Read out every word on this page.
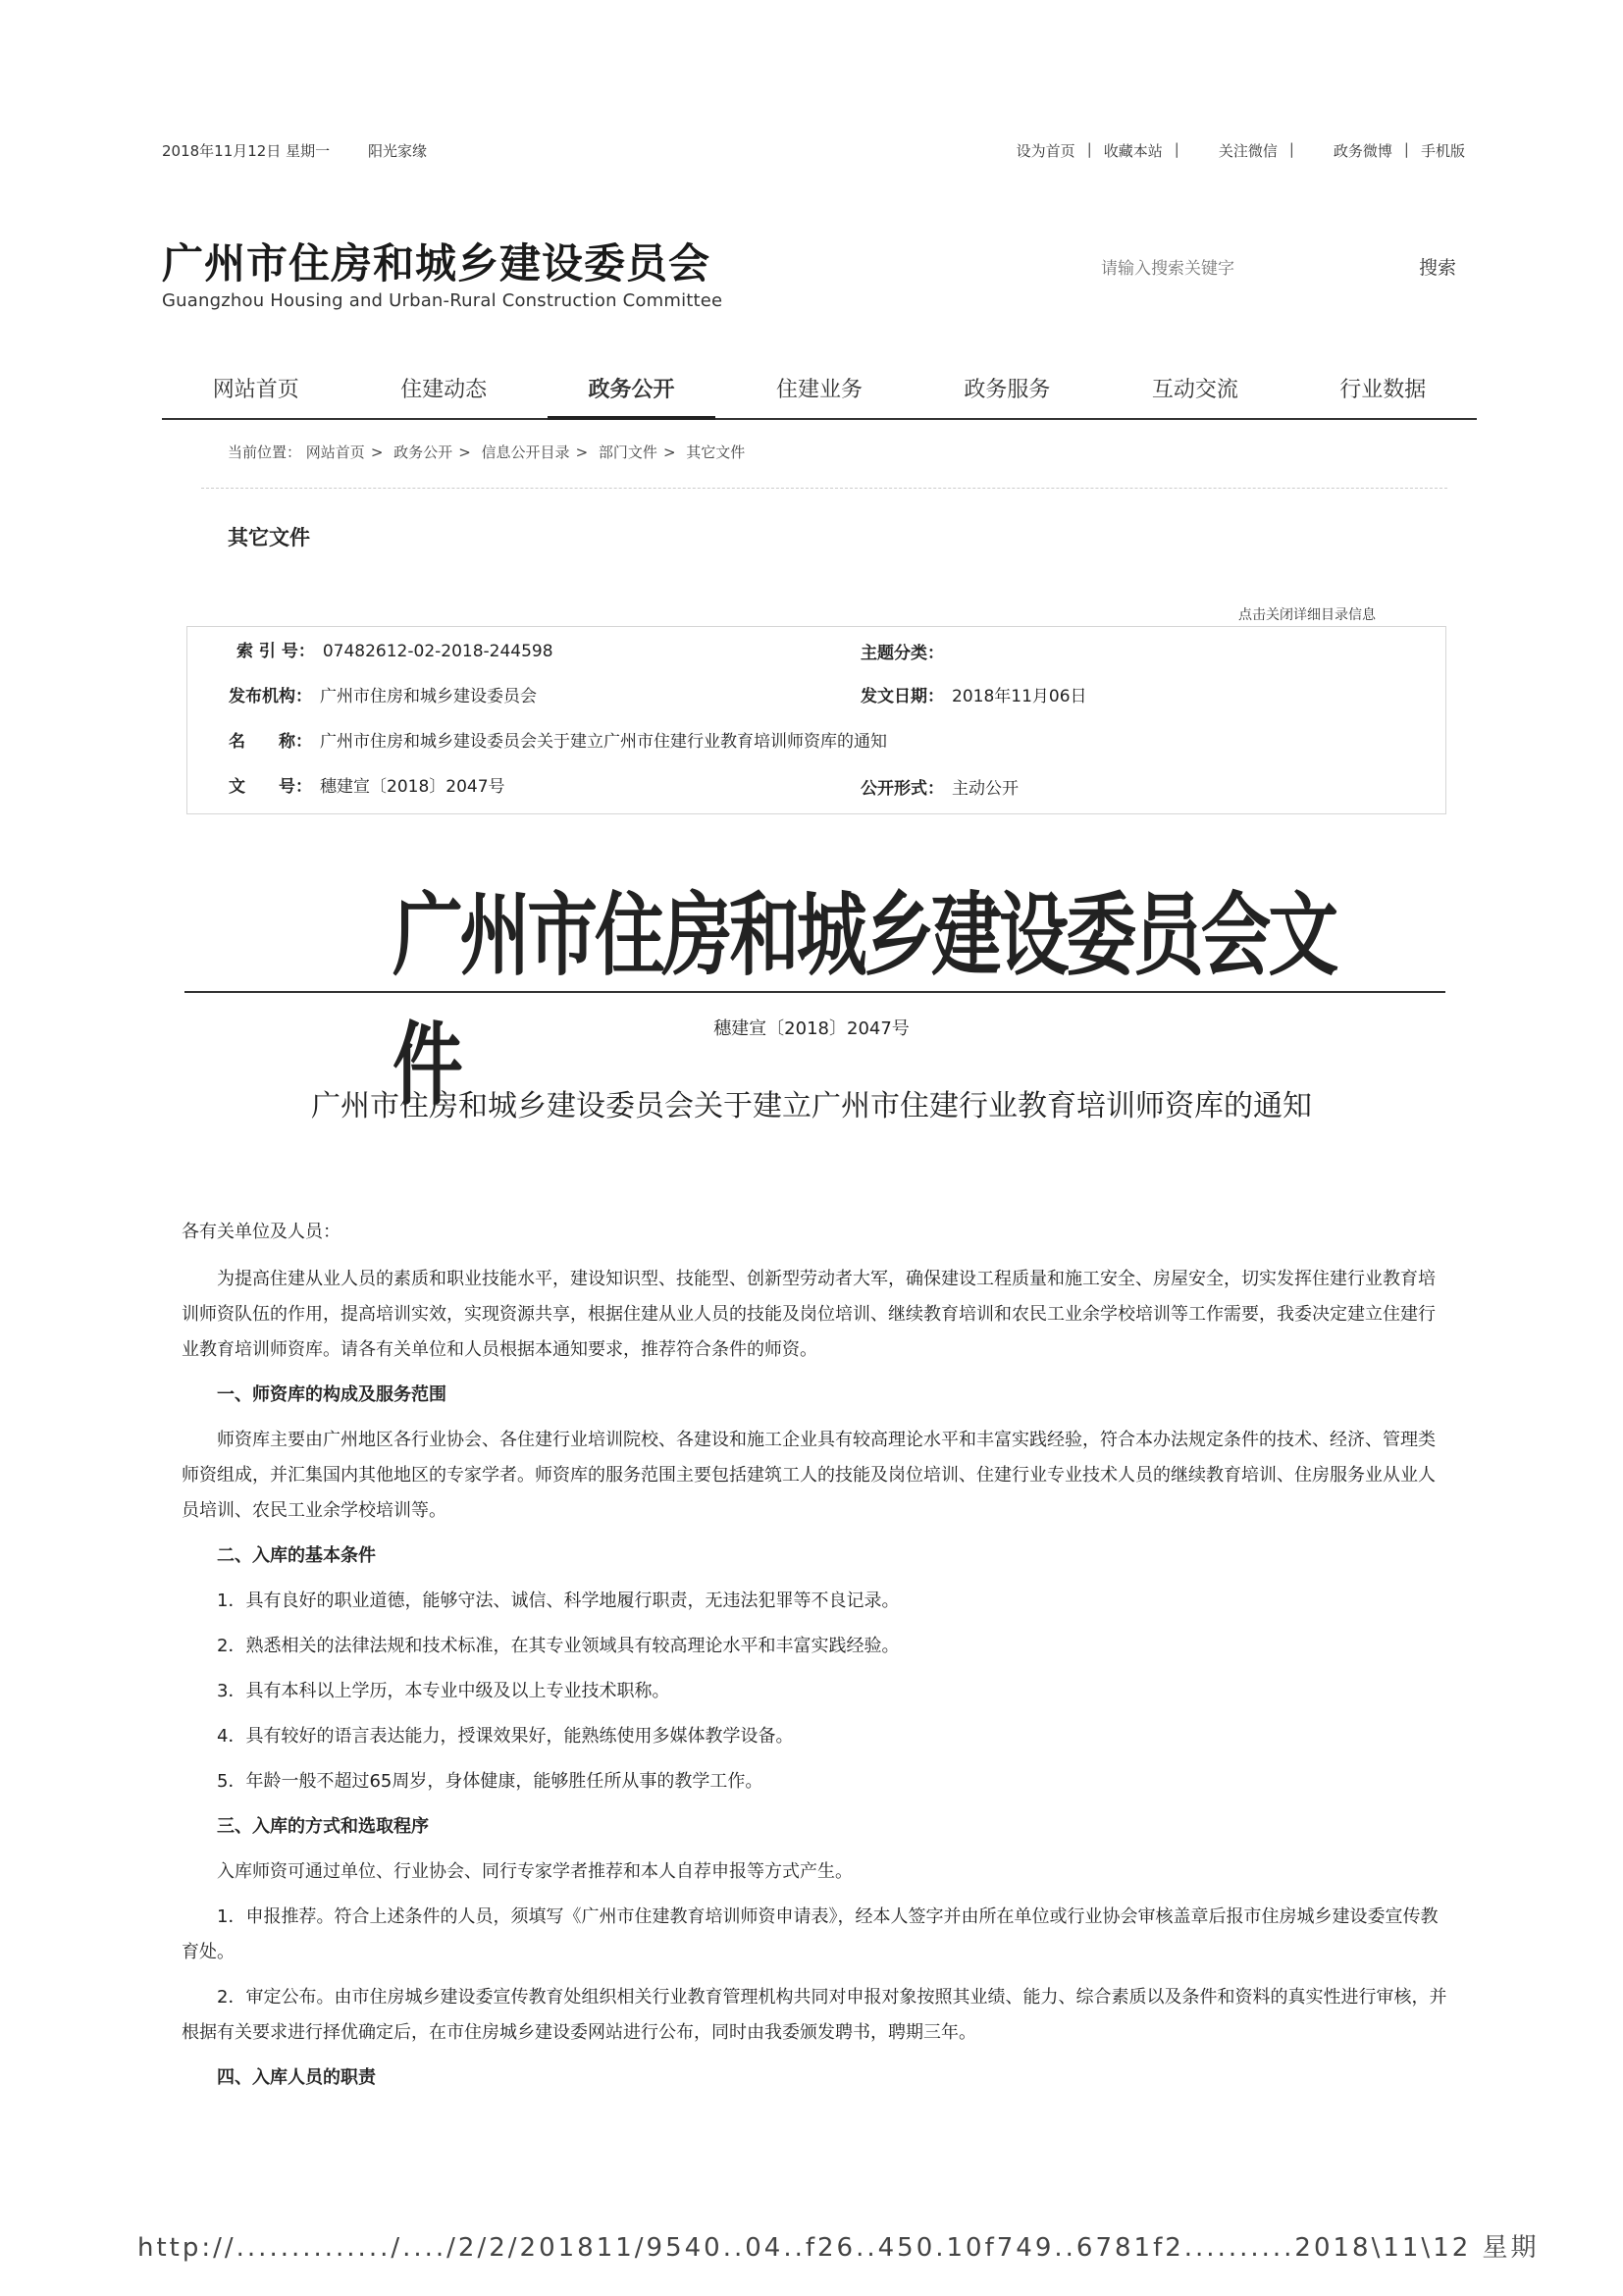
2018年11月12日 星期一	阳光家缘	设为首页 | 收藏本站 |	关注微信 |	政务微博 | 手机版
广州市住房和城乡建设委员会
Guangzhou Housing and Urban-Rural Construction Committee
请输入搜索关键字
搜索
网站首页	住建动态	政务公开	住建业务	政务服务	互动交流	行业数据
当前位置： 网站首页 > 政务公开 > 信息公开目录 > 部门文件 > 其它文件
其它文件
点击关闭详细目录信息
索 引 号： 07482612-02-2018-244598	主题分类：
发布机构： 广州市住房和城乡建设委员会	发文日期： 2018年11月06日
名　　称： 广州市住房和城乡建设委员会关于建立广州市住建行业教育培训师资库的通知
文　　号： 穗建宣〔2018〕2047号	公开形式： 主动公开
广州市住房和城乡建设委员会文件	穗建宣〔2018〕2047号
广州市住房和城乡建设委员会关于建立广州市住建行业教育培训师资库的通知

各有关单位及人员：

为提高住建从业人员的素质和职业技能水平，建设知识型、技能型、创新型劳动者大军，确保建设工程质量和施工安全、房屋安全，切实发挥住建行业教育培训师资队伍的作用，提高培训实效，实现资源共享，根据住建从业人员的技能及岗位培训、继续教育培训和农民工业余学校培训等工作需要，我委决定建立住建行业教育培训师资库。请各有关单位和人员根据本通知要求，推荐符合条件的师资。

一、师资库的构成及服务范围

师资库主要由广州地区各行业协会、各住建行业培训院校、各建设和施工企业具有较高理论水平和丰富实践经验，符合本办法规定条件的技术、经济、管理类师资组成，并汇集国内其他地区的专家学者。师资库的服务范围主要包括建筑工人的技能及岗位培训、住建行业专业技术人员的继续教育培训、住房服务业从业人员培训、农民工业余学校培训等。

二、入库的基本条件

1．具有良好的职业道德，能够守法、诚信、科学地履行职责，无违法犯罪等不良记录。

2．熟悉相关的法律法规和技术标准，在其专业领域具有较高理论水平和丰富实践经验。

3．具有本科以上学历，本专业中级及以上专业技术职称。

4．具有较好的语言表达能力，授课效果好，能熟练使用多媒体教学设备。

5．年龄一般不超过65周岁，身体健康，能够胜任所从事的教学工作。

三、入库的方式和选取程序

入库师资可通过单位、行业协会、同行专家学者推荐和本人自荐申报等方式产生。

1．申报推荐。符合上述条件的人员，须填写《广州市住建教育培训师资申请表》，经本人签字并由所在单位或行业协会审核盖章后报市住房城乡建设委宣传教育处。

2．审定公布。由市住房城乡建设委宣传教育处组织相关行业教育管理机构共同对申报对象按照其业绩、能力、综合素质以及条件和资料的真实性进行审核，并根据有关要求进行择优确定后，在市住房城乡建设委网站进行公布，同时由我委颁发聘书，聘期三年。

四、入库人员的职责

http://............../..../2/2/201811/9540..04..f26..450.10f749..6781f2..........2018\11\12 星期
